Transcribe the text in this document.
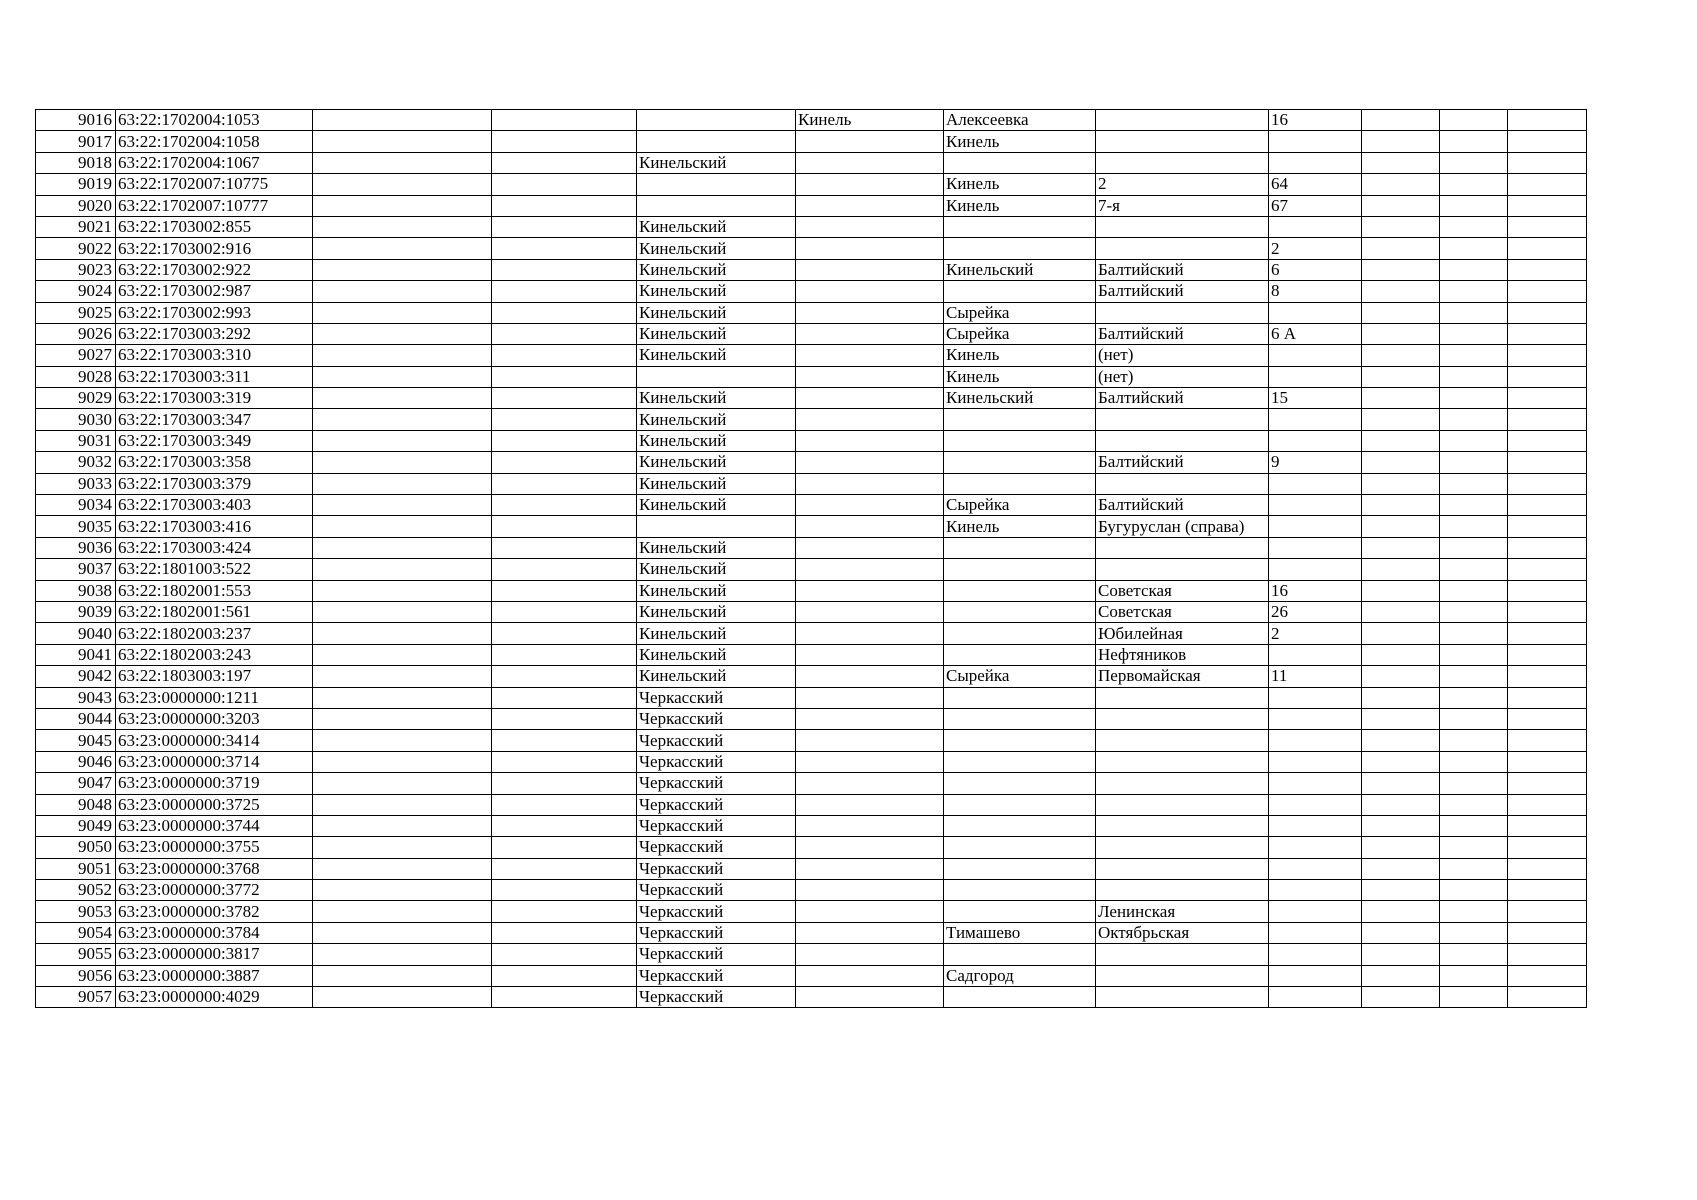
9016	63:22:1702004:1053				Кинель	Алексеевка		16			
9017	63:22:1702004:1058					Кинель					
9018	63:22:1702004:1067			Кинельский							
9019	63:22:1702007:10775					Кинель	2	64			
9020	63:22:1702007:10777					Кинель	7-я	67			
9021	63:22:1703002:855			Кинельский							
9022	63:22:1703002:916			Кинельский				2			
9023	63:22:1703002:922			Кинельский		Кинельский	Балтийский	6			
9024	63:22:1703002:987			Кинельский			Балтийский	8			
9025	63:22:1703002:993			Кинельский		Сырейка					
9026	63:22:1703003:292			Кинельский		Сырейка	Балтийский	6 А			
9027	63:22:1703003:310			Кинельский		Кинель	(нет)				
9028	63:22:1703003:311					Кинель	(нет)				
9029	63:22:1703003:319			Кинельский		Кинельский	Балтийский	15			
9030	63:22:1703003:347			Кинельский							
9031	63:22:1703003:349			Кинельский							
9032	63:22:1703003:358			Кинельский			Балтийский	9			
9033	63:22:1703003:379			Кинельский							
9034	63:22:1703003:403			Кинельский		Сырейка	Балтийский				
9035	63:22:1703003:416					Кинель	Бугуруслан (справа)				
9036	63:22:1703003:424			Кинельский							
9037	63:22:1801003:522			Кинельский							
9038	63:22:1802001:553			Кинельский			Советская	16			
9039	63:22:1802001:561			Кинельский			Советская	26			
9040	63:22:1802003:237			Кинельский			Юбилейная	2			
9041	63:22:1802003:243			Кинельский			Нефтяников				
9042	63:22:1803003:197			Кинельский		Сырейка	Первомайская	11			
9043	63:23:0000000:1211			Черкасский							
9044	63:23:0000000:3203			Черкасский							
9045	63:23:0000000:3414			Черкасский							
9046	63:23:0000000:3714			Черкасский							
9047	63:23:0000000:3719			Черкасский							
9048	63:23:0000000:3725			Черкасский							
9049	63:23:0000000:3744			Черкасский							
9050	63:23:0000000:3755			Черкасский							
9051	63:23:0000000:3768			Черкасский							
9052	63:23:0000000:3772			Черкасский							
9053	63:23:0000000:3782			Черкасский			Ленинская				
9054	63:23:0000000:3784			Черкасский		Тимашево	Октябрьская				
9055	63:23:0000000:3817			Черкасский							
9056	63:23:0000000:3887			Черкасский		Садгород					
9057	63:23:0000000:4029			Черкасский							
